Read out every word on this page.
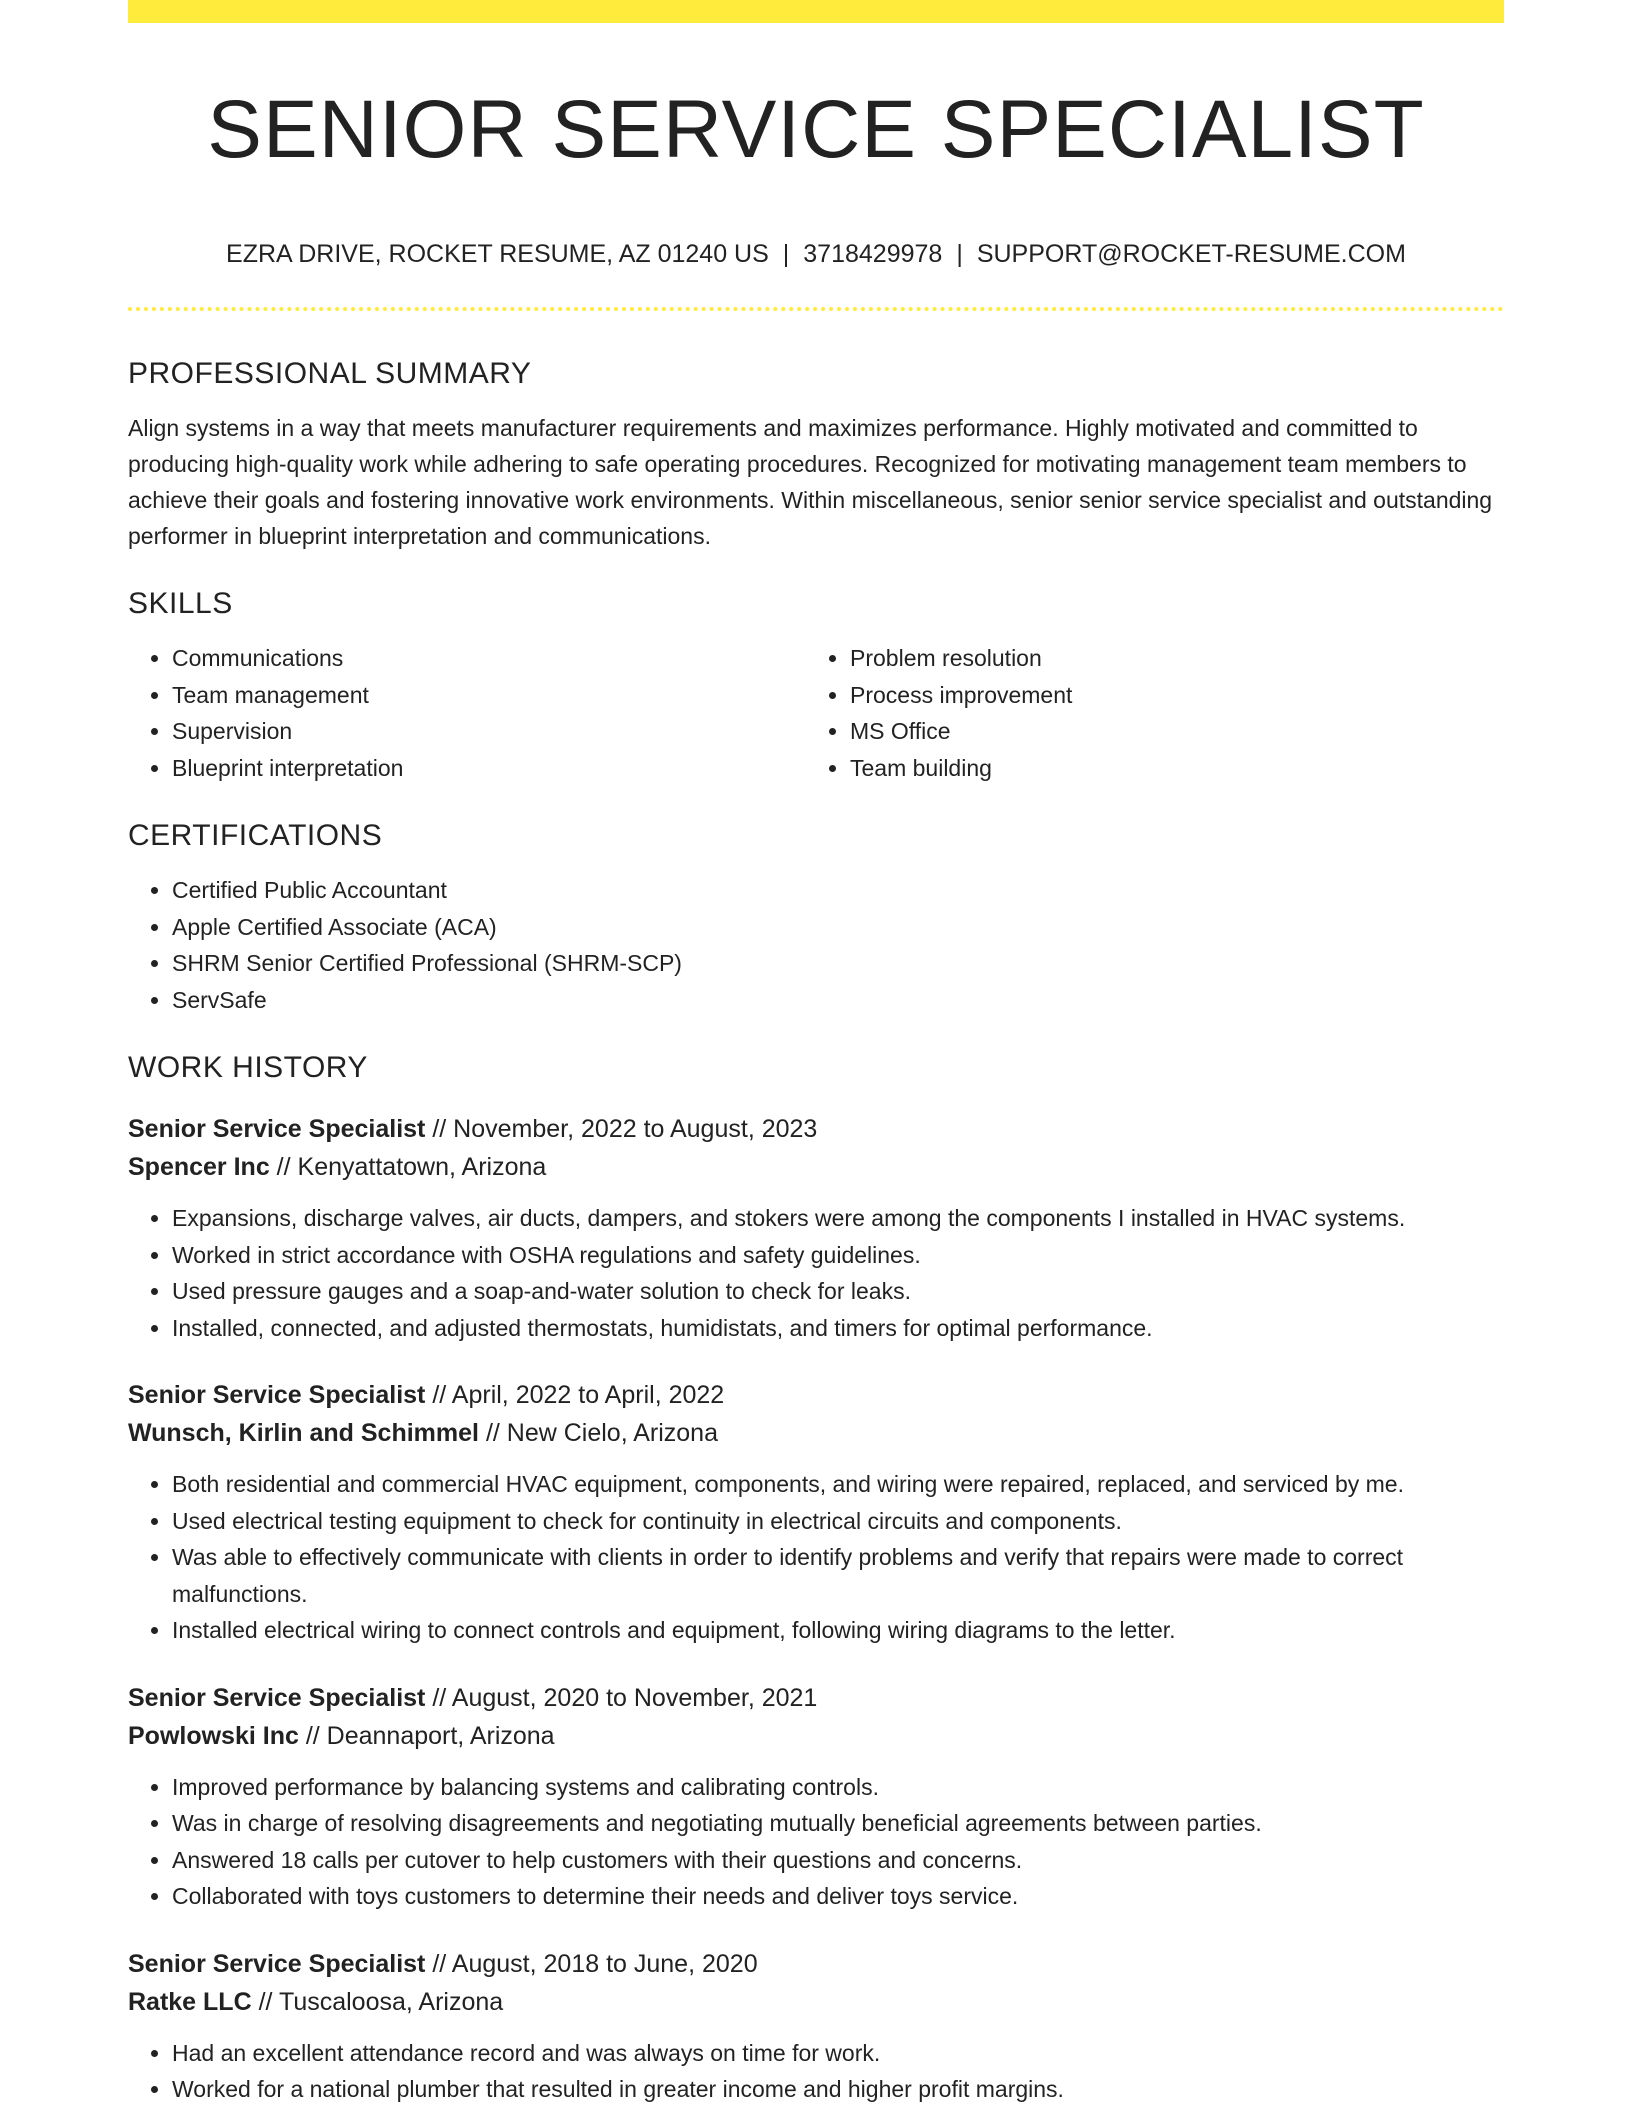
SENIOR SERVICE SPECIALIST
EZRA DRIVE, ROCKET RESUME, AZ 01240 US | 3718429978 | SUPPORT@ROCKET-RESUME.COM
PROFESSIONAL SUMMARY

Align systems in a way that meets manufacturer requirements and maximizes performance. Highly motivated and committed to producing high-quality work while adhering to safe operating procedures. Recognized for motivating management team members to achieve their goals and fostering innovative work environments. Within miscellaneous, senior senior service specialist and outstanding performer in blueprint interpretation and communications.

SKILLS
• Communications
• Team management
• Supervision
• Blueprint interpretation
• Problem resolution
• Process improvement
• MS Office
• Team building
CERTIFICATIONS
• Certified Public Accountant
• Apple Certified Associate (ACA)
• SHRM Senior Certified Professional (SHRM-SCP)
• ServSafe
WORK HISTORY
Senior Service Specialist // November, 2022 to August, 2023
Spencer Inc // Kenyattatown, Arizona
• Expansions, discharge valves, air ducts, dampers, and stokers were among the components I installed in HVAC systems.
• Worked in strict accordance with OSHA regulations and safety guidelines.
• Used pressure gauges and a soap-and-water solution to check for leaks.
• Installed, connected, and adjusted thermostats, humidistats, and timers for optimal performance.
Senior Service Specialist // April, 2022 to April, 2022
Wunsch, Kirlin and Schimmel // New Cielo, Arizona
• Both residential and commercial HVAC equipment, components, and wiring were repaired, replaced, and serviced by me.
• Used electrical testing equipment to check for continuity in electrical circuits and components.
• Was able to effectively communicate with clients in order to identify problems and verify that repairs were made to correct malfunctions.
• Installed electrical wiring to connect controls and equipment, following wiring diagrams to the letter.
Senior Service Specialist // August, 2020 to November, 2021
Powlowski Inc // Deannaport, Arizona
• Improved performance by balancing systems and calibrating controls.
• Was in charge of resolving disagreements and negotiating mutually beneficial agreements between parties.
• Answered 18 calls per cutover to help customers with their questions and concerns.
• Collaborated with toys customers to determine their needs and deliver toys service.
Senior Service Specialist // August, 2018 to June, 2020
Ratke LLC // Tuscaloosa, Arizona
• Had an excellent attendance record and was always on time for work.
• Worked for a national plumber that resulted in greater income and higher profit margins.
